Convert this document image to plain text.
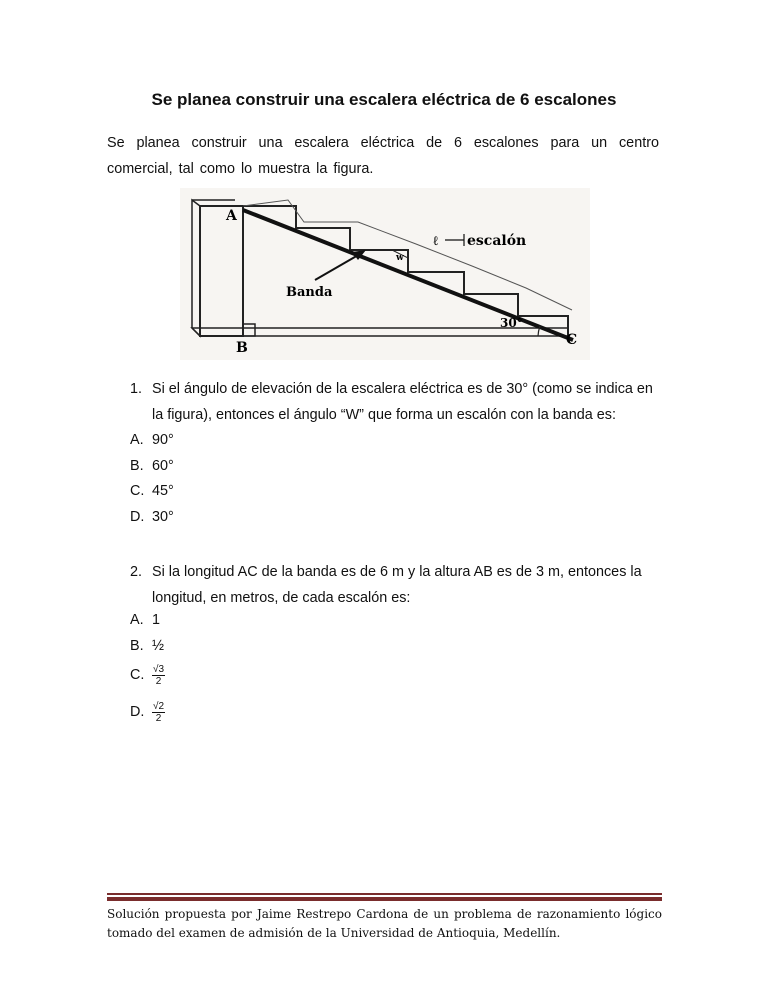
Se planea construir una escalera eléctrica de 6 escalones
Se planea construir una escalera eléctrica de 6 escalones para un centro comercial, tal como lo muestra la figura.
A
B	C
w
Banda
ℓ escalón
30°
1. Si el ángulo de elevación de la escalera eléctrica es de 30° (como se indica en la figura), entonces el ángulo “W” que forma un escalón con la banda es:
A. 90°
B. 60°
C. 45°
D. 30°
2. Si la longitud AC de la banda es de 6 m y la altura AB es de 3 m, entonces la longitud, en metros, de cada escalón es:
A. 1
B. ½
C. $\frac{√3}{2}$
D. $\frac{√2}{2}$
Solución propuesta por Jaime Restrepo Cardona de un problema de razonamiento lógico tomado del examen de admisión de la Universidad de Antioquia, Medellín.
